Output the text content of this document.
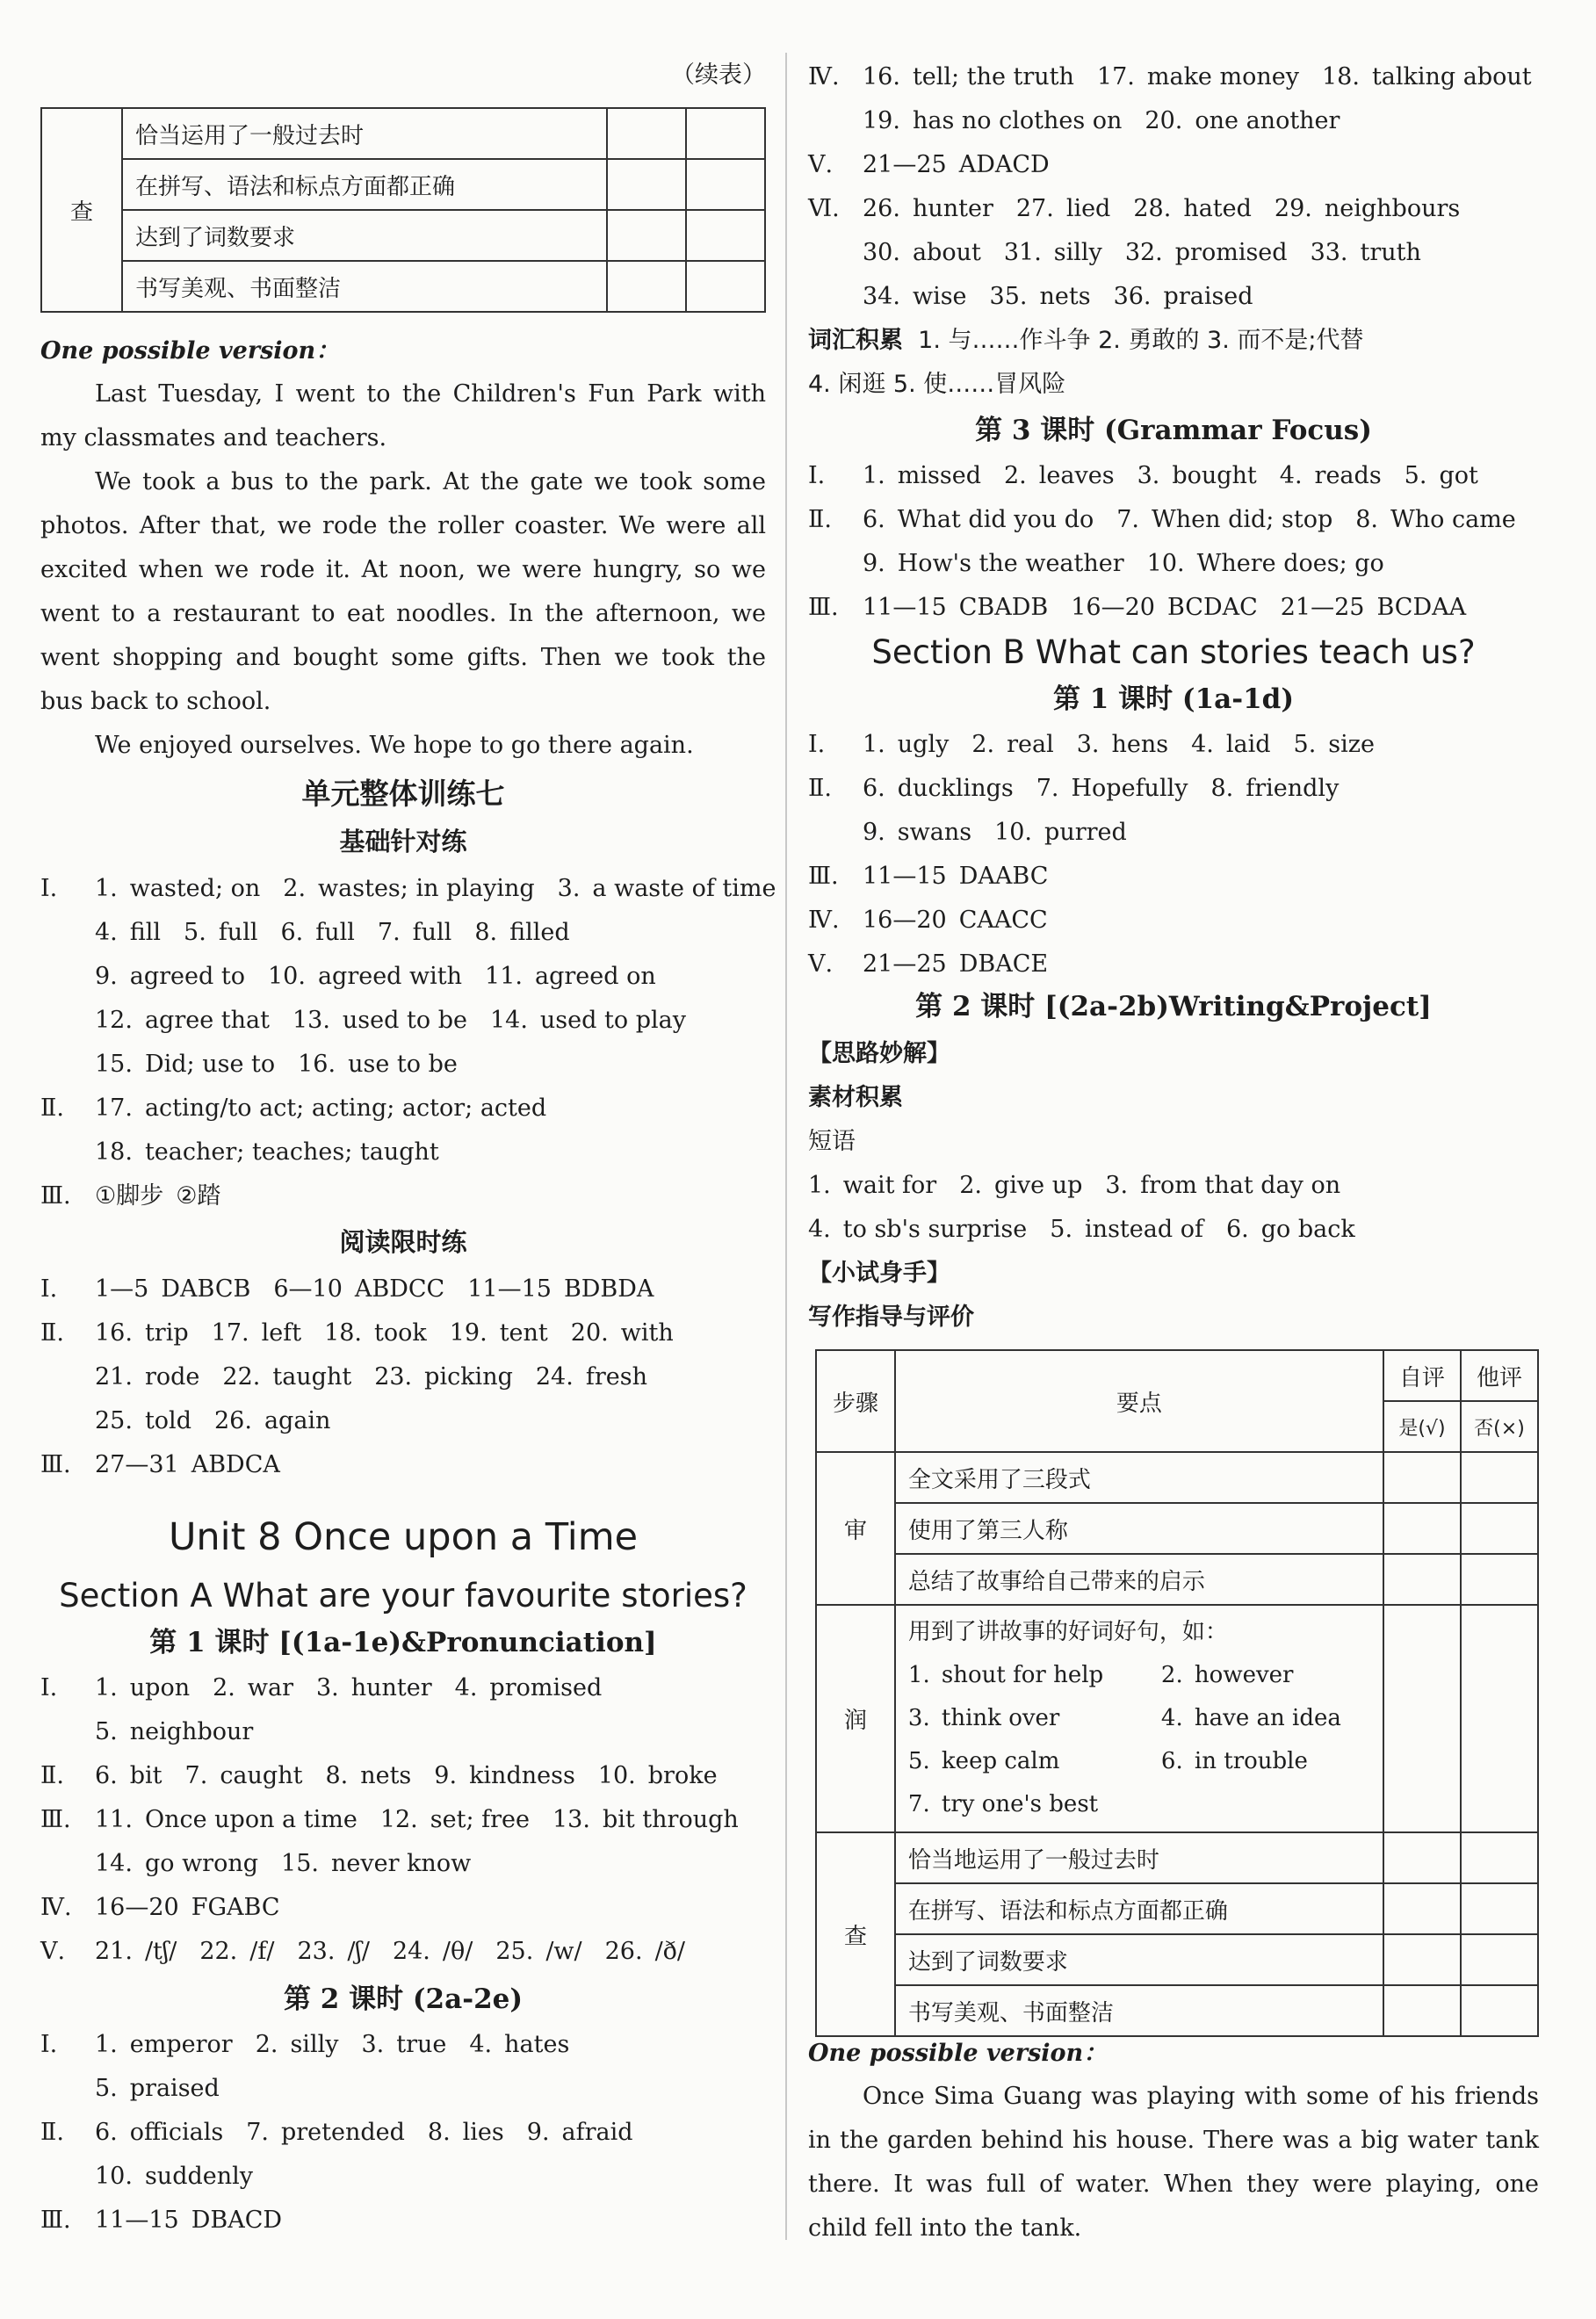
（续表）
查	恰当运用了一般过去时		
	在拼写、语法和标点方面都正确		
	达到了词数要求		
	书写美观、书面整洁		
One possible version：
Last Tuesday, I went to the Children's Fun Park with my classmates and teachers.
We took a bus to the park. At the gate we took some photos. After that, we rode the roller coaster. We were all excited when we rode it. At noon, we were hungry, so we went to a restaurant to eat noodles. In the afternoon, we went shopping and bought some gifts. Then we took the bus back to school.
We enjoyed ourselves. We hope to go there again.
单元整体训练七
基础针对练
Ⅰ. 1. wasted; on 2. wastes; in playing 3. a waste of time
4. fill 5. full 6. full 7. full 8. filled
9. agreed to 10. agreed with 11. agreed on
12. agree that 13. used to be 14. used to play
15. Did; use to 16. use to be
Ⅱ. 17. acting/to act; acting; actor; acted
18. teacher; teaches; taught
Ⅲ. ①脚步 ②踏
阅读限时练
Ⅰ. 1—5 DABCB 6—10 ABDCC 11—15 BDBDA
Ⅱ. 16. trip 17. left 18. took 19. tent 20. with
21. rode 22. taught 23. picking 24. fresh
25. told 26. again
Ⅲ. 27—31 ABDCA
Unit 8 Once upon a Time
Section A What are your favourite stories?
第 1 课时 [(1a-1e)&Pronunciation]
Ⅰ. 1. upon 2. war 3. hunter 4. promised
5. neighbour
Ⅱ. 6. bit 7. caught 8. nets 9. kindness 10. broke
Ⅲ. 11. Once upon a time 12. set; free 13. bit through
14. go wrong 15. never know
Ⅳ. 16—20 FGABC
Ⅴ. 21. /tʃ/ 22. /f/ 23. /ʃ/ 24. /θ/ 25. /w/ 26. /ð/
第 2 课时 (2a-2e)
Ⅰ. 1. emperor 2. silly 3. true 4. hates
5. praised
Ⅱ. 6. officials 7. pretended 8. lies 9. afraid
10. suddenly
Ⅲ. 11—15 DBACD
Ⅳ. 16. tell; the truth 17. make money 18. talking about
19. has no clothes on 20. one another
Ⅴ. 21—25 ADACD
Ⅵ. 26. hunter 27. lied 28. hated 29. neighbours
30. about 31. silly 32. promised 33. truth
34. wise 35. nets 36. praised
词汇积累 1. 与……作斗争 2. 勇敢的 3. 而不是;代替
4. 闲逛 5. 使……冒风险
第 3 课时 (Grammar Focus)
Ⅰ. 1. missed 2. leaves 3. bought 4. reads 5. got
Ⅱ. 6. What did you do 7. When did; stop 8. Who came
9. How's the weather 10. Where does; go
Ⅲ. 11—15 CBADB 16—20 BCDAC 21—25 BCDAA
Section B What can stories teach us?
第 1 课时 (1a-1d)
Ⅰ. 1. ugly 2. real 3. hens 4. laid 5. size
Ⅱ. 6. ducklings 7. Hopefully 8. friendly
9. swans 10. purred
Ⅲ. 11—15 DAABC
Ⅳ. 16—20 CAACC
Ⅴ. 21—25 DBACE
第 2 课时 [(2a-2b)Writing&Project]
【思路妙解】
素材积累
短语
1. wait for 2. give up 3. from that day on
4. to sb's surprise 5. instead of 6. go back
【小试身手】
写作指导与评价
步骤	要点	自评	他评
		是(√)	否(×)
审	全文采用了三段式		
	使用了第三人称		
	总结了故事给自己带来的启示		
润	用到了讲故事的好词好句，如：
1. shout for help 2. however
3. think over 4. have an idea
5. keep calm 6. in trouble
7. try one's best		

查	恰当地运用了一般过去时		
	在拼写、语法和标点方面都正确		
	达到了词数要求		
	书写美观、书面整洁		
One possible version：
Once Sima Guang was playing with some of his friends in the garden behind his house. There was a big water tank there. It was full of water. When they were playing, one child fell into the tank.
